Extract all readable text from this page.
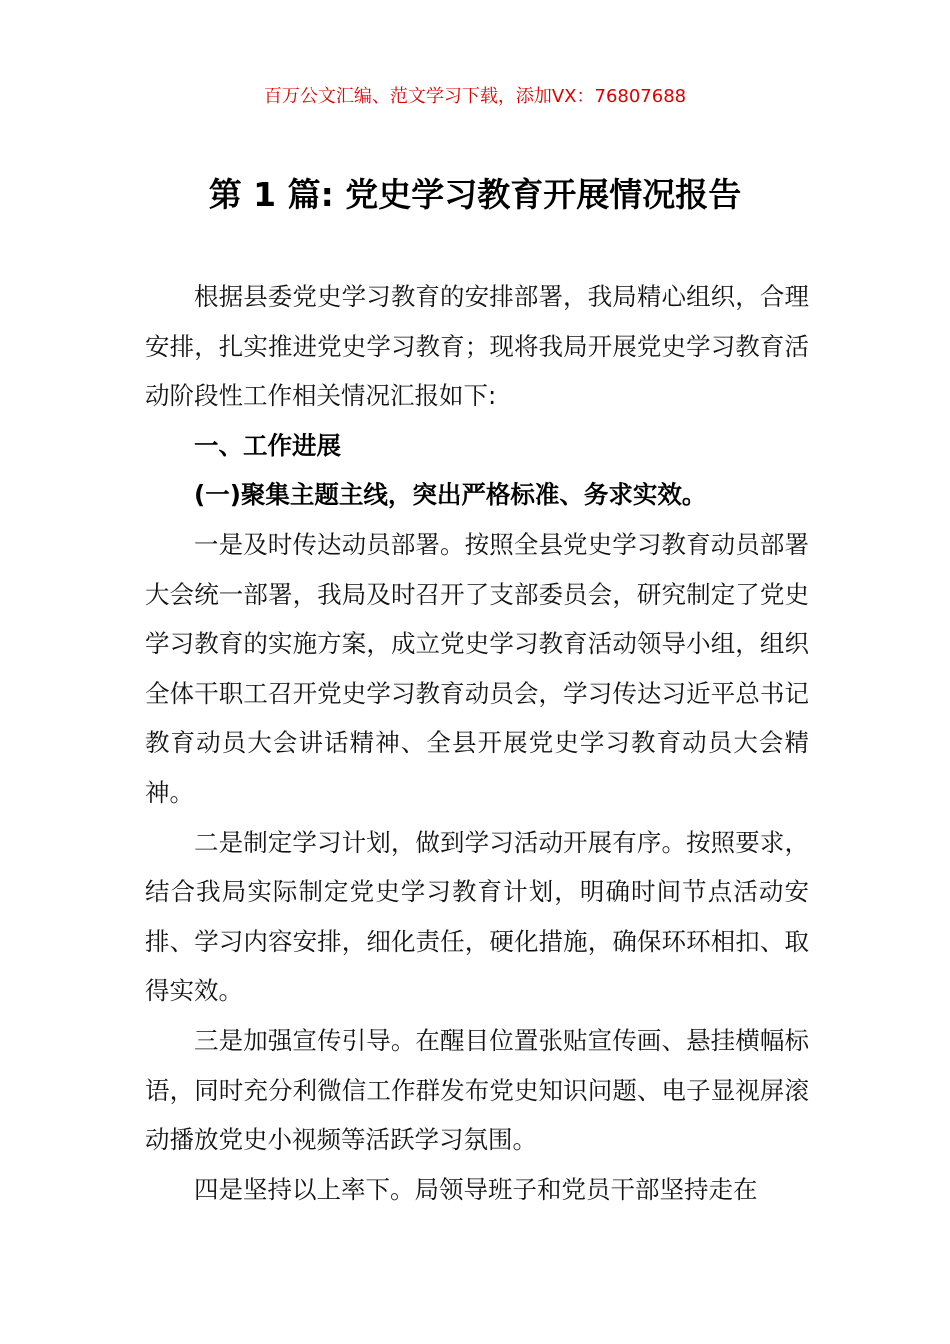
百万公文汇编、范文学习下载，添加VX：76807688
第 1 篇: 党史学习教育开展情况报告

根据县委党史学习教育的安排部署，我局精心组织，合理安排，扎实推进党史学习教育；现将我局开展党史学习教育活动阶段性工作相关情况汇报如下:

一、工作进展

(一)聚集主题主线，突出严格标准、务求实效。

一是及时传达动员部署。按照全县党史学习教育动员部署大会统一部署，我局及时召开了支部委员会，研究制定了党史学习教育的实施方案，成立党史学习教育活动领导小组，组织全体干职工召开党史学习教育动员会，学习传达习近平总书记教育动员大会讲话精神、全县开展党史学习教育动员大会精神。

二是制定学习计划，做到学习活动开展有序。按照要求，结合我局实际制定党史学习教育计划，明确时间节点活动安排、学习内容安排，细化责任，硬化措施，确保环环相扣、取得实效。

三是加强宣传引导。在醒目位置张贴宣传画、悬挂横幅标语，同时充分利微信工作群发布党史知识问题、电子显视屏滚动播放党史小视频等活跃学习氛围。

四是坚持以上率下。局领导班子和党员干部坚持走在
